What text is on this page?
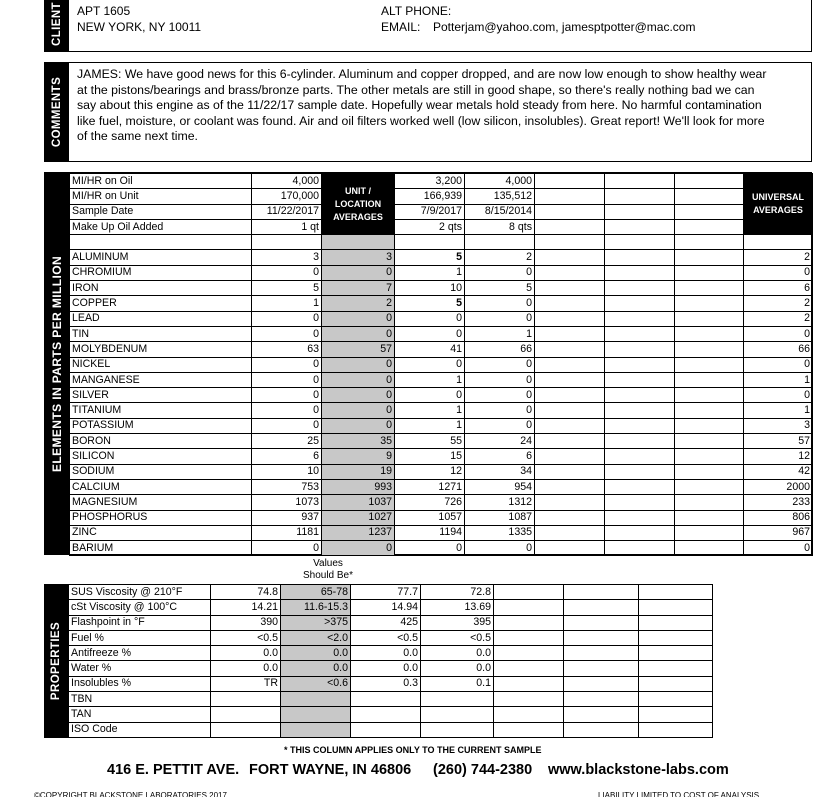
CLIENT APT 1605
NEW YORK, NY 10011
ALT PHONE:
EMAIL: Potterjam@yahoo.com, jamesptpotter@mac.com
COMMENTS
JAMES: We have good news for this 6-cylinder. Aluminum and copper dropped, and are now low enough to show healthy wear at the pistons/bearings and brass/bronze parts. The other metals are still in good shape, so there's really nothing bad we can say about this engine as of the 11/22/17 sample date. Hopefully wear metals hold steady from here. No harmful contamination like fuel, moisture, or coolant was found. Air and oil filters worked well (low silicon, insolubles). Great report! We'll look for more of the same next time.
ELEMENTS IN PARTS PER MILLION
MI/HR on Oil	4,000	UNIT / LOCATION AVERAGES	3,200	4,000				UNIVERSAL AVERAGES
MI/HR on Unit	170,000		166,939	135,512				
Sample Date	11/22/2017		7/9/2017	8/15/2014				
Make Up Oil Added	1 qt		2 qts	8 qts				

ALUMINUM	3	3	5	2				2
CHROMIUM	0	0	1	0				0
IRON	5	7	10	5				6
COPPER	1	2	5	0				2
LEAD	0	0	0	0				2
TIN	0	0	0	1				0
MOLYBDENUM	63	57	41	66				66
NICKEL	0	0	0	0				0
MANGANESE	0	0	1	0				1
SILVER	0	0	0	0				0
TITANIUM	0	0	1	0				1
POTASSIUM	0	0	1	0				3
BORON	25	35	55	24				57
SILICON	6	9	15	6				12
SODIUM	10	19	12	34				42
CALCIUM	753	993	1271	954				2000
MAGNESIUM	1073	1037	726	1312				233
PHOSPHORUS	937	1027	1057	1087				806
ZINC	1181	1237	1194	1335				967
BARIUM	0	0	0	0				0
Values
Should Be*
PROPERTIES
SUS Viscosity @ 210°F	74.8	65-78	77.7	72.8			
cSt Viscosity @ 100°C	14.21	11.6-15.3	14.94	13.69			
Flashpoint in °F	390	>375	425	395			
Fuel %	<0.5	<2.0	<0.5	<0.5			
Antifreeze %	0.0	0.0	0.0	0.0			
Water %	0.0	0.0	0.0	0.0			
Insolubles %	TR	<0.6	0.3	0.1			
TBN							
TAN							
ISO Code							
* THIS COLUMN APPLIES ONLY TO THE CURRENT SAMPLE
416 E. PETTIT AVE. FORT WAYNE, IN 46806 (260) 744-2380 www.blackstone-labs.com
©COPYRIGHT BLACKSTONE LABORATORIES 2017	LIABILITY LIMITED TO COST OF ANALYSIS
